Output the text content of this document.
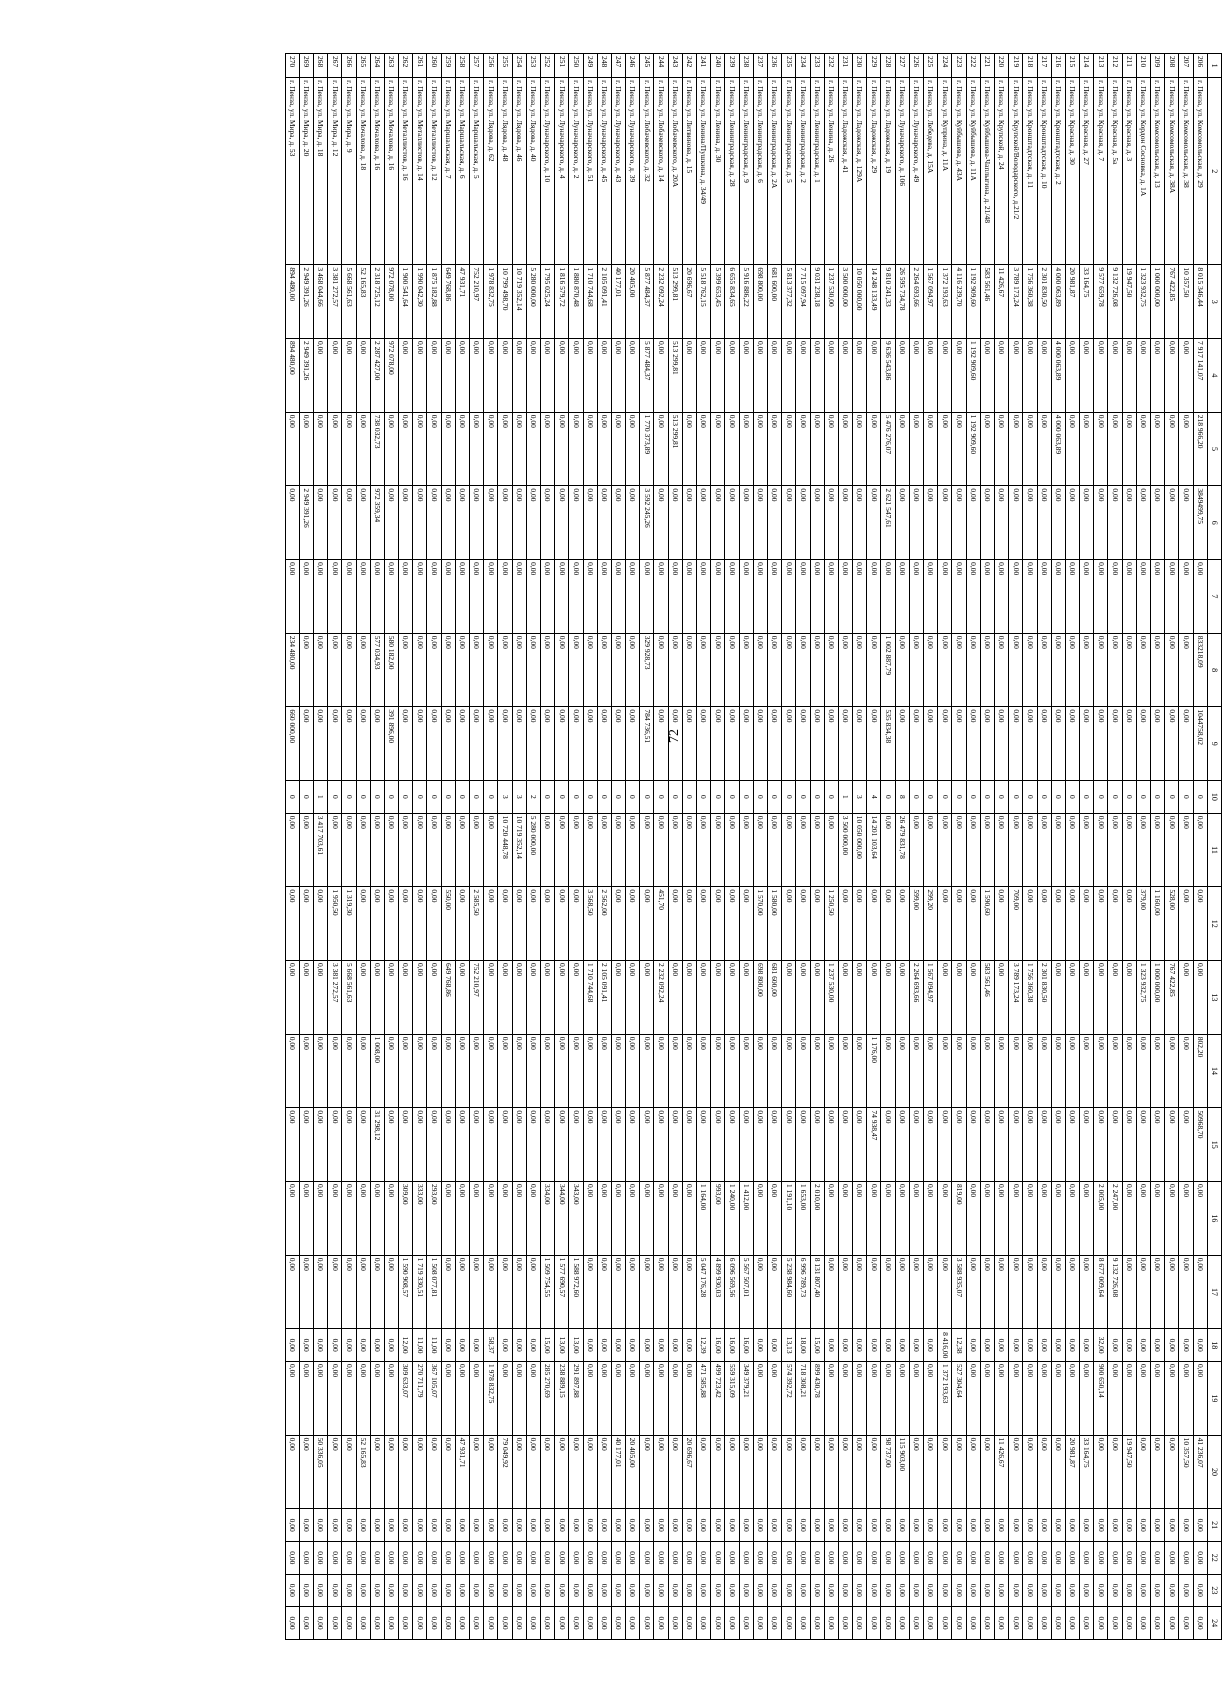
72
1	2	3	4	5	6	7	8	9	10	11	12	13	14	15	16	17	18	19	20	21	22	23	24
206	г. Пенза, ул. Комсомольская, д. 29	8 015 346,44	7 917 141,07	218 966,20	3849499,75	0,00	833218,09	1044758,02	0	0,00	0,00	0,00	802,20	50968,70	0,00	0,00	0,00	0,00	41 236,07	0,00	0,00	0,00	0,00
207	г. Пенза, ул. Комсомольская, д. 38	10 357,50	0,00	0,00	0,00	0,00	0,00	0,00	0	0,00	0,00	0,00	0,00	0,00	0,00	0,00	0,00	0,00	10 357,50	0,00	0,00	0,00	0,00
208	г. Пенза, ул. Комсомольская, д. 38А	767 422,85	0,00	0,00	0,00	0,00	0,00	0,00	0	0,00	528,00	767 422,85	0,00	0,00	0,00	0,00	0,00	0,00	0,00	0,00	0,00	0,00	0,00
209	г. Пенза, ул. Комсомольская, д. 13	1 000 000,00	0,00	0,00	0,00	0,00	0,00	0,00	0	0,00	1 160,00	1 000 000,00	0,00	0,00	0,00	0,00	0,00	0,00	0,00	0,00	0,00	0,00	0,00
210	г. Пенза, ул. Кордон Сосновка, д. 1А	1 323 932,75	0,00	0,00	0,00	0,00	0,00	0,00	0	0,00	379,00	1 323 932,75	0,00	0,00	0,00	0,00	0,00	0,00	0,00	0,00	0,00	0,00	0,00
211	г. Пенза, ул. Красная, д. 3	19 947,50	0,00	0,00	0,00	0,00	0,00	0,00	0	0,00	0,00	0,00	0,00	0,00	0,00	0,00	0,00	0,00	19 947,50	0,00	0,00	0,00	0,00
212	г. Пенза, ул. Красная, д. 5а	9 132 726,08	0,00	0,00	0,00	0,00	0,00	0,00	0	0,00	0,00	0,00	0,00	0,00	2 247,00	9 132 726,08	0,00	0,00	0,00	0,00	0,00	0,00	0,00
213	г. Пенза, ул. Красная, д. 7	9 577 659,78	0,00	0,00	0,00	0,00	0,00	0,00	0	0,00	0,00	0,00	0,00	0,00	2 005,00	8 677 009,64	32,00	900 650,14	0,00	0,00	0,00	0,00	0,00
214	г. Пенза, ул. Красная, д. 27	33 164,75	0,00	0,00	0,00	0,00	0,00	0,00	0	0,00	0,00	0,00	0,00	0,00	0,00	0,00	0,00	0,00	33 164,75	0,00	0,00	0,00	0,00
215	г. Пенза, ул. Красная, д. 30	20 981,87	0,00	0,00	0,00	0,00	0,00	0,00	0	0,00	0,00	0,00	0,00	0,00	0,00	0,00	0,00	0,00	20 981,87	0,00	0,00	0,00	0,00
216	г. Пенза, ул. Кронштадтская, д. 2	4 000 063,89	4 000 063,89	4 000 063,89	0,00	0,00	0,00	0,00	0	0,00	0,00	0,00	0,00	0,00	0,00	0,00	0,00	0,00	0,00	0,00	0,00	0,00	0,00
217	г. Пенза, ул. Кронштадтская, д. 10	2 301 830,50	0,00	0,00	0,00	0,00	0,00	0,00	0	0,00	0,00	2 301 830,50	0,00	0,00	0,00	0,00	0,00	0,00	0,00	0,00	0,00	0,00	0,00
218	г. Пенза, ул. Кронштадтская, д. 11	1 756 360,38	0,00	0,00	0,00	0,00	0,00	0,00	0	0,00	0,00	1 756 360,38	0,00	0,00	0,00	0,00	0,00	0,00	0,00	0,00	0,00	0,00	0,00
219	г. Пенза, ул. Крупской/Володарского, д.21/2	3 789 173,24	0,00	0,00	0,00	0,00	0,00	0,00	0	0,00	709,00	3 789 173,24	0,00	0,00	0,00	0,00	0,00	0,00	0,00	0,00	0,00	0,00	0,00
220	г. Пенза, ул. Крупской, д. 24	11 426,67	0,00	0,00	0,00	0,00	0,00	0,00	0	0,00	0,00	0,00	0,00	0,00	0,00	0,00	0,00	0,00	11 426,67	0,00	0,00	0,00	0,00
221	г. Пенза, ул. Куйбышева-Чаплыгина, д. 21/48	583 561,46	0,00	0,00	0,00	0,00	0,00	0,00	0	0,00	1 590,60	583 561,46	0,00	0,00	0,00	0,00	0,00	0,00	0,00	0,00	0,00	0,00	0,00
222	г. Пенза, ул. Куйбышева, д. 11А	1 192 909,60	1 192 909,60	1 192 909,60	0,00	0,00	0,00	0,00	0	0,00	0,00	0,00	0,00	0,00	0,00	0,00	0,00	0,00	0,00	0,00	0,00	0,00	0,00
223	г. Пенза, ул. Куйбышева, д. 43А	4 116 239,70	0,00	0,00	0,00	0,00	0,00	0,00	0	0,00	0,00	0,00	0,00	0,00	819,00	3 588 935,07	12,38	527 304,64	0,00	0,00	0,00	0,00	0,00
224	г. Пенза, ул. Куприна, д. 11А	1 372 193,63	0,00	0,00	0,00	0,00	0,00	0,00	0	0,00	0,00	0,00	0,00	0,00	0,00	0,00	8 416,00	1 372 193,63	0,00	0,00	0,00	0,00	0,00
225	г. Пенза, ул. Лебедева, д. 15А	1 567 094,97	0,00	0,00	0,00	0,00	0,00	0,00	0	0,00	299,20	1 567 094,97	0,00	0,00	0,00	0,00	0,00	0,00	0,00	0,00	0,00	0,00	0,00
226	г. Пенза, ул. Луначарского, д. 49	2 264 693,66	0,00	0,00	0,00	0,00	0,00	0,00	0	0,00	599,00	2 264 693,66	0,00	0,00	0,00	0,00	0,00	0,00	0,00	0,00	0,00	0,00	0,00
227	г. Пенза, ул. Луначарского, д. 106	26 595 734,78	0,00	0,00	0,00	0,00	0,00	0,00	8	26 479 831,78	0,00	0,00	0,00	0,00	0,00	0,00	0,00	0,00	115 903,00	0,00	0,00	0,00	0,00
228	г. Пенза, ул. Ладожская, д. 19	9 810 241,33	9 636 543,86	5 476 276,07	2 621 547,61	0,00	1 002 887,79	535 834,38	0	0,00	0,00	0,00	0,00	0,00	0,00	0,00	0,00	0,00	98 737,00	0,00	0,00	0,00	0,00
229	г. Пенза, ул. Ладожская, д. 29	14 248 133,49	0,00	0,00	0,00	0,00	0,00	0,00	4	14 201 103,64	0,00	0,00	1 176,00	74 938,47	0,00	0,00	0,00	0,00	0,00	0,00	0,00	0,00	0,00
230	г. Пенза, ул. Ладожская, д. 129А	10 050 000,00	0,00	0,00	0,00	0,00	0,00	0,00	3	10 050 000,00	0,00	0,00	0,00	0,00	0,00	0,00	0,00	0,00	0,00	0,00	0,00	0,00	0,00
231	г. Пенза, ул. Ладожская, д. 41	3 500 000,00	0,00	0,00	0,00	0,00	0,00	0,00	1	3 500 000,00	0,00	0,00	0,00	0,00	0,00	0,00	0,00	0,00	0,00	0,00	0,00	0,00	0,00
232	г. Пенза, ул. Ленина, д. 26	1 237 530,00	0,00	0,00	0,00	0,00	0,00	0,00	0	0,00	1 250,50	1 237 530,00	0,00	0,00	0,00	0,00	0,00	0,00	0,00	0,00	0,00	0,00	0,00
233	г. Пенза, ул. Ленинградская, д. 1	9 031 238,18	0,00	0,00	0,00	0,00	0,00	0,00	0	0,00	0,00	0,00	0,00	0,00	2 010,00	8 131 807,40	15,00	899 430,78	0,00	0,00	0,00	0,00	0,00
234	г. Пенза, ул. Ленинградская, д. 2	7 715 097,94	0,00	0,00	0,00	0,00	0,00	0,00	0	0,00	0,00	0,00	0,00	0,00	1 653,00	6 996 789,73	18,00	718 308,21	0,00	0,00	0,00	0,00	0,00
235	г. Пенза, ул. Ленинградская, д. 5	5 813 377,32	0,00	0,00	0,00	0,00	0,00	0,00	0	0,00	0,00	0,00	0,00	0,00	1 191,10	5 238 984,60	13,13	574 392,72	0,00	0,00	0,00	0,00	0,00
236	г. Пенза, ул. Ленинградская, д. 2А	681 600,00	0,00	0,00	0,00	0,00	0,00	0,00	0	0,00	1 580,00	681 600,00	0,00	0,00	0,00	0,00	0,00	0,00	0,00	0,00	0,00	0,00	0,00
237	г. Пенза, ул. Ленинградская, д. 6	698 800,00	0,00	0,00	0,00	0,00	0,00	0,00	0	0,00	1 570,00	698 800,00	0,00	0,00	0,00	0,00	0,00	0,00	0,00	0,00	0,00	0,00	0,00
238	г. Пенза, ул. Ленинградская, д. 9	5 916 886,22	0,00	0,00	0,00	0,00	0,00	0,00	0	0,00	0,00	0,00	0,00	0,00	1 412,00	5 567 507,01	16,00	349 379,21	0,00	0,00	0,00	0,00	0,00
239	г. Пенза, ул. Ленинградская, д. 28	6 655 834,65	0,00	0,00	0,00	0,00	0,00	0,00	0	0,00	0,00	0,00	0,00	0,00	1 240,00	6 096 569,56	16,00	559 315,09	0,00	0,00	0,00	0,00	0,00
240	г. Пенза, ул. Ленина, д. 30	5 399 653,45	0,00	0,00	0,00	0,00	0,00	0,00	0	0,00	0,00	0,00	0,00	0,00	993,00	4 899 930,03	16,00	499 723,42	0,00	0,00	0,00	0,00	0,00
241	г. Пенза, ул. Ленина/Пушкина, д. 34/49	5 518 762,15	0,00	0,00	0,00	0,00	0,00	0,00	0	0,00	0,00	0,00	0,00	0,00	1 164,00	5 047 176,28	12,39	471 585,88	0,00	0,00	0,00	0,00	0,00
242	г. Пенза, ул. Литвинова, д. 15	20 696,67	0,00	0,00	0,00	0,00	0,00	0,00	0	0,00	0,00	0,00	0,00	0,00	0,00	0,00	0,00	0,00	20 696,67	0,00	0,00	0,00	0,00
243	г. Пенза, ул. Лобачевского, д. 20А	513 299,81	513 299,81	513 299,81	0,00	0,00	0,00	0,00	0	0,00	0,00	0,00	0,00	0,00	0,00	0,00	0,00	0,00	0,00	0,00	0,00	0,00	0,00
244	г. Пенза, ул. Лобачевского, д. 14	2 232 092,24	0,00	0,00	0,00	0,00	0,00	0,00	0	0,00	451,70	2 232 092,24	0,00	0,00	0,00	0,00	0,00	0,00	0,00	0,00	0,00	0,00	0,00
245	г. Пенза, ул. Лобачевского, д. 32	5 877 484,37	5 877 484,37	1 770 373,89	3 592 245,26	0,00	329 928,73	784 736,51	0	0,00	0,00	0,00	0,00	0,00	0,00	0,00	0,00	0,00	0,00	0,00	0,00	0,00	0,00
246	г. Пенза, ул. Луначарского, д. 39	20 405,00	0,00	0,00	0,00	0,00	0,00	0,00	0	0,00	0,00	0,00	0,00	0,00	0,00	0,00	0,00	0,00	20 405,00	0,00	0,00	0,00	0,00
247	г. Пенза, ул. Луначарского, д. 43	40 177,01	0,00	0,00	0,00	0,00	0,00	0,00	0	0,00	0,00	0,00	0,00	0,00	0,00	0,00	0,00	0,00	40 177,01	0,00	0,00	0,00	0,00
248	г. Пенза, ул. Луначарского, д. 45	2 105 091,41	0,00	0,00	0,00	0,00	0,00	0,00	0	0,00	2 562,00	2 105 091,41	0,00	0,00	0,00	0,00	0,00	0,00	0,00	0,00	0,00	0,00	0,00
249	г. Пенза, ул. Луначарского, д. 51	1 710 744,68	0,00	0,00	0,00	0,00	0,00	0,00	0	0,00	3 568,50	1 710 744,68	0,00	0,00	0,00	0,00	0,00	0,00	0,00	0,00	0,00	0,00	0,00
250	г. Пенза, ул. Луначарского, д. 2	1 880 870,48	0,00	0,00	0,00	0,00	0,00	0,00	0	0,00	0,00	0,00	0,00	0,00	343,00	1 588 972,60	13,00	291 897,88	0,00	0,00	0,00	0,00	0,00
251	г. Пенза, ул. Луначарского, д. 4	1 816 579,72	0,00	0,00	0,00	0,00	0,00	0,00	0	0,00	0,00	0,00	0,00	0,00	344,00	1 577 690,57	13,00	238 889,15	0,00	0,00	0,00	0,00	0,00
252	г. Пенза, ул. Луначарского, д. 10	1 795 025,24	0,00	0,00	0,00	0,00	0,00	0,00	0	0,00	0,00	0,00	0,00	0,00	334,00	1 509 754,55	15,00	285 270,69	0,00	0,00	0,00	0,00	0,00
253	г. Пенза, ул. Лядова, д. 40	5 280 000,00	0,00	0,00	0,00	0,00	0,00	0,00	2	5 280 000,00	0,00	0,00	0,00	0,00	0,00	0,00	0,00	0,00	0,00	0,00	0,00	0,00	0,00
254	г. Пенза, ул. Лядова, д. 46	10 719 352,14	0,00	0,00	0,00	0,00	0,00	0,00	3	10 719 352,14	0,00	0,00	0,00	0,00	0,00	0,00	0,00	0,00	0,00	0,00	0,00	0,00	0,00
255	г. Пенза, ул. Лядова, д. 48	10 799 498,70	0,00	0,00	0,00	0,00	0,00	0,00	3	10 720 448,78	0,00	0,00	0,00	0,00	0,00	0,00	0,00	0,00	79 049,92	0,00	0,00	0,00	0,00
256	г. Пенза, ул. Лядова, д. 62	1 978 832,75	0,00	0,00	0,00	0,00	0,00	0,00	0	0,00	0,00	0,00	0,00	0,00	0,00	0,00	58,37	1 978 832,75	0,00	0,00	0,00	0,00	0,00
257	г. Пенза, ул. Маршальская, д. 5	752 210,97	0,00	0,00	0,00	0,00	0,00	0,00	0	0,00	2 585,50	752 210,97	0,00	0,00	0,00	0,00	0,00	0,00	0,00	0,00	0,00	0,00	0,00
258	г. Пенза, ул. Маршальская, д. 6	47 931,71	0,00	0,00	0,00	0,00	0,00	0,00	0	0,00	0,00	0,00	0,00	0,00	0,00	0,00	0,00	0,00	47 931,71	0,00	0,00	0,00	0,00
259	г. Пенза, ул. Маршальская, д. 7	649 768,86	0,00	0,00	0,00	0,00	0,00	0,00	0	0,00	550,00	649 768,86	0,00	0,00	0,00	0,00	0,00	0,00	0,00	0,00	0,00	0,00	0,00
260	г. Пенза, ул. Металлистов, д. 12	1 875 182,88	0,00	0,00	0,00	0,00	0,00	0,00	0	0,00	0,00	0,00	0,00	0,00	293,00	1 508 077,81	11,00	367 105,07	0,00	0,00	0,00	0,00	0,00
261	г. Пенза, ул. Металлистов, д. 14	1 990 042,30	0,00	0,00	0,00	0,00	0,00	0,00	0	0,00	0,00	0,00	0,00	0,00	333,00	1 719 330,51	11,00	270 711,79	0,00	0,00	0,00	0,00	0,00
262	г. Пенза, ул. Металлистов, д. 16	1 900 541,64	0,00	0,00	0,00	0,00	0,00	0,00	0	0,00	0,00	0,00	0,00	0,00	309,00	1 590 908,57	12,00	309 633,07	0,00	0,00	0,00	0,00	0,00
263	г. Пенза, ул. Мочалова, д. 16	972 078,00	972 078,00	0,00	0,00	0,00	580 182,00	391 896,00	0	0,00	0,00	0,00	0,00	0,00	0,00	0,00	0,00	0,00	0,00	0,00	0,00	0,00	0,00
264	г. Пенза, ул. Мочалова, д. 16	2 318 725,12	2 287 427,00	738 032,73	972 359,34	0,00	577 034,93	0,00	0	0,00	0,00	0,00	1 008,00	31 298,12	0,00	0,00	0,00	0,00	0,00	0,00	0,00	0,00	0,00
265	г. Пенза, ул. Мочалова, д. 18	52 165,83	0,00	0,00	0,00	0,00	0,00	0,00	0	0,00	0,00	0,00	0,00	0,00	0,00	0,00	0,00	0,00	52 165,83	0,00	0,00	0,00	0,00
266	г. Пенза, ул. Мира, д. 9	5 668 561,63	0,00	0,00	0,00	0,00	0,00	0,00	0	0,00	1 319,30	5 668 561,63	0,00	0,00	0,00	0,00	0,00	0,00	0,00	0,00	0,00	0,00	0,00
267	г. Пенза, ул. Мира, д. 12	3 381 272,57	0,00	0,00	0,00	0,00	0,00	0,00	0	0,00	1 950,50	3 381 272,57	0,00	0,00	0,00	0,00	0,00	0,00	0,00	0,00	0,00	0,00	0,00
268	г. Пенза, ул. Мира, д. 18	3 468 044,66	0,00	0,00	0,00	0,00	0,00	0,00	1	3 417 703,61	0,00	0,00	0,00	0,00	0,00	0,00	0,00	0,00	50 336,05	0,00	0,00	0,00	0,00
269	г. Пенза, ул. Мира, д. 20	2 949 391,26	2 949 391,26	0,00	2 949 391,26	0,00	0,00	0,00	0	0,00	0,00	0,00	0,00	0,00	0,00	0,00	0,00	0,00	0,00	0,00	0,00	0,00	0,00
270	г. Пенза, ул. Мира, д. 53	894 480,00	894 480,00	0,00	0,00	0,00	234 480,00	660 000,00	0	0,00	0,00	0,00	0,00	0,00	0,00	0,00	0,00	0,00	0,00	0,00	0,00	0,00	0,00
